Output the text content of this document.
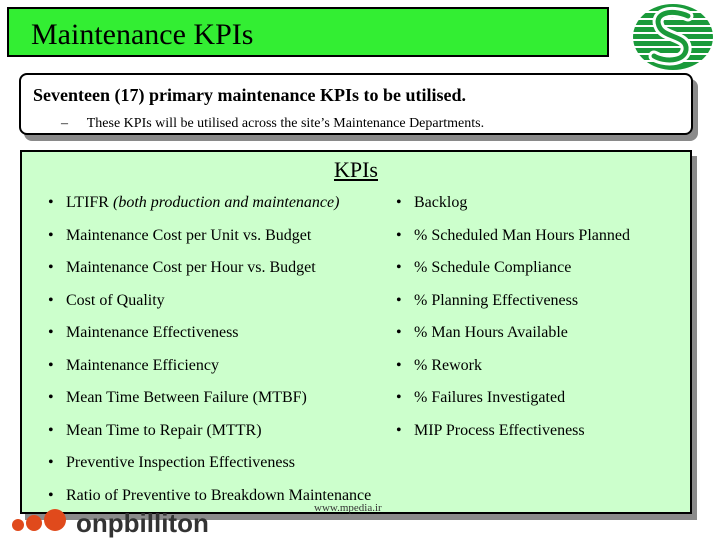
Maintenance KPIs
Seventeen (17) primary maintenance KPIs to be utilised.
– These KPIs will be utilised across the site’s Maintenance Departments.
KPIs
• LTIFR (both production and maintenance)
• Maintenance Cost per Unit vs. Budget
• Maintenance Cost per Hour vs. Budget
• Cost of Quality
• Maintenance Effectiveness
• Maintenance Efficiency
• Mean Time Between Failure (MTBF)
• Mean Time to Repair (MTTR)
• Preventive Inspection Effectiveness
• Ratio of Preventive to Breakdown Maintenance
• Backlog
• % Scheduled Man Hours Planned
• % Schedule Compliance
• % Planning Effectiveness
• % Man Hours Available
• % Rework
• % Failures Investigated
• MIP Process Effectiveness
www.mpedia.ir
onpbilliton
